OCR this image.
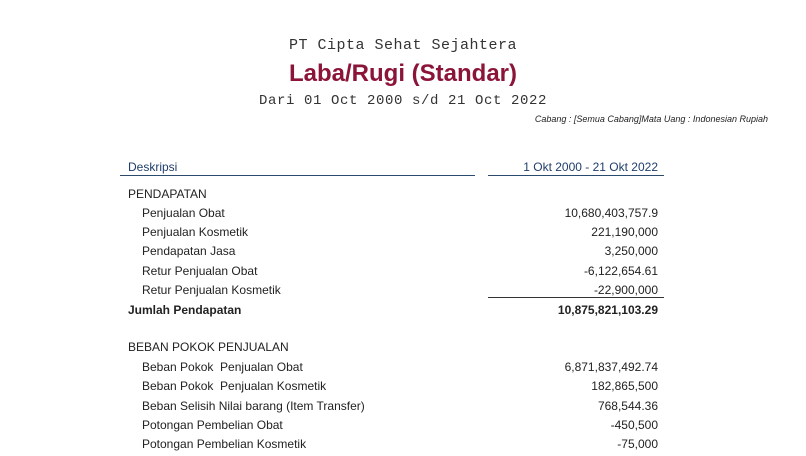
PT Cipta Sehat Sejahtera
Laba/Rugi (Standar)
Dari 01 Oct 2000 s/d 21 Oct 2022
Cabang : [Semua Cabang]Mata Uang : Indonesian Rupiah
Deskripsi	1 Okt 2000 - 21 Okt 2022
PENDAPATAN
Penjualan Obat	10,680,403,757.9
Penjualan Kosmetik	221,190,000
Pendapatan Jasa	3,250,000
Retur Penjualan Obat	-6,122,654.61
Retur Penjualan Kosmetik	-22,900,000
Jumlah Pendapatan	10,875,821,103.29
BEBAN POKOK PENJUALAN
Beban Pokok  Penjualan Obat	6,871,837,492.74
Beban Pokok  Penjualan Kosmetik	182,865,500
Beban Selisih Nilai barang (Item Transfer)	768,544.36
Potongan Pembelian Obat	-450,500
Potongan Pembelian Kosmetik	-75,000
